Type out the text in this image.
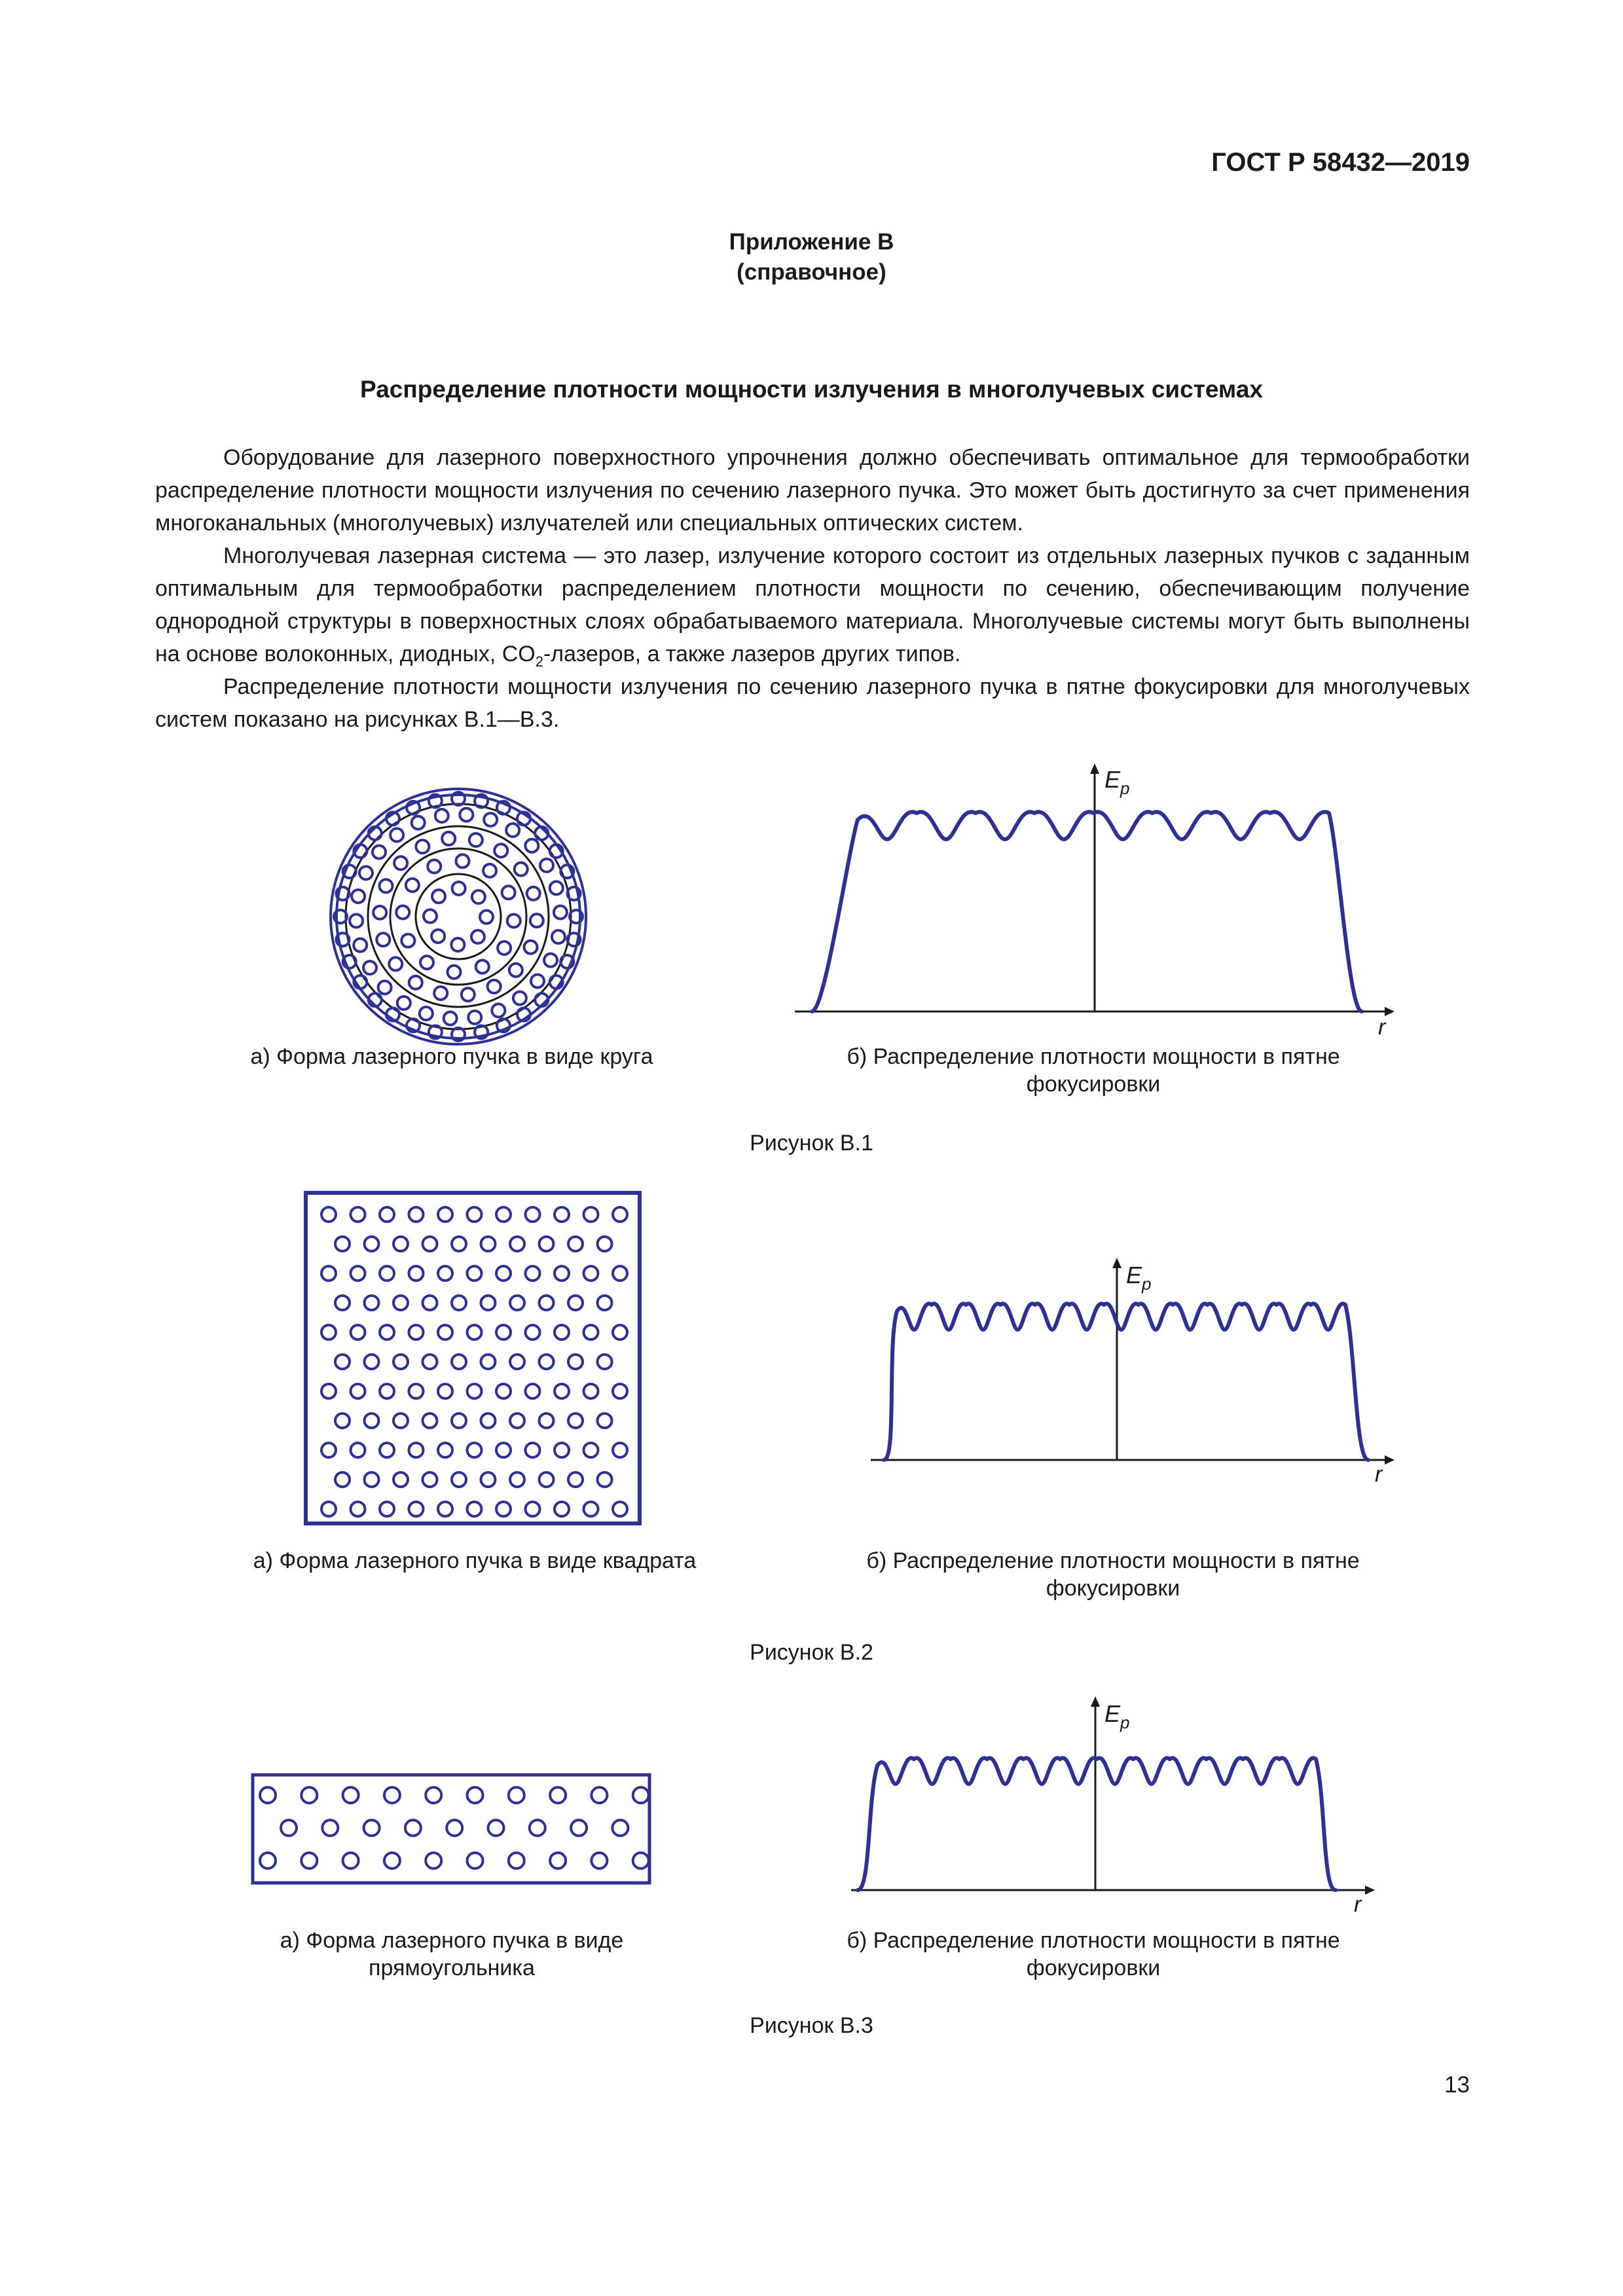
ГОСТ Р 58432—2019
Приложение В
(справочное)
Распределение плотности мощности излучения в многолучевых системах

Оборудование для лазерного поверхностного упрочнения должно обеспечивать оптимальное для термообработки распределение плотности мощности излучения по сечению лазерного пучка. Это может быть достигнуто за счет применения многоканальных (многолучевых) излучателей или специальных оптических систем.

Многолучевая лазерная система — это лазер, излучение которого состоит из отдельных лазерных пучков с заданным оптимальным для термообработки распределением плотности мощности по сечению, обеспечивающим получение однородной структуры в поверхностных слоях обрабатываемого материала. Многолучевые системы могут быть выполнены на основе волоконных, диодных, $CO_2$-лазеров, а также лазеров других типов.

Распределение плотности мощности излучения по сечению лазерного пучка в пятне фокусировки для многолучевых систем показано на рисунках В.1—В.3.

а) Форма лазерного пучка в виде круга
$E_p$
r
б) Распределение плотности мощности в пятне фокусировки
Рисунок В.1
а) Форма лазерного пучка в виде квадрата
$E_p$
r
б) Распределение плотности мощности в пятне фокусировки
Рисунок В.2
а) Форма лазерного пучка в виде прямоугольника
$E_p$
r
б) Распределение плотности мощности в пятне фокусировки
Рисунок В.3
13
